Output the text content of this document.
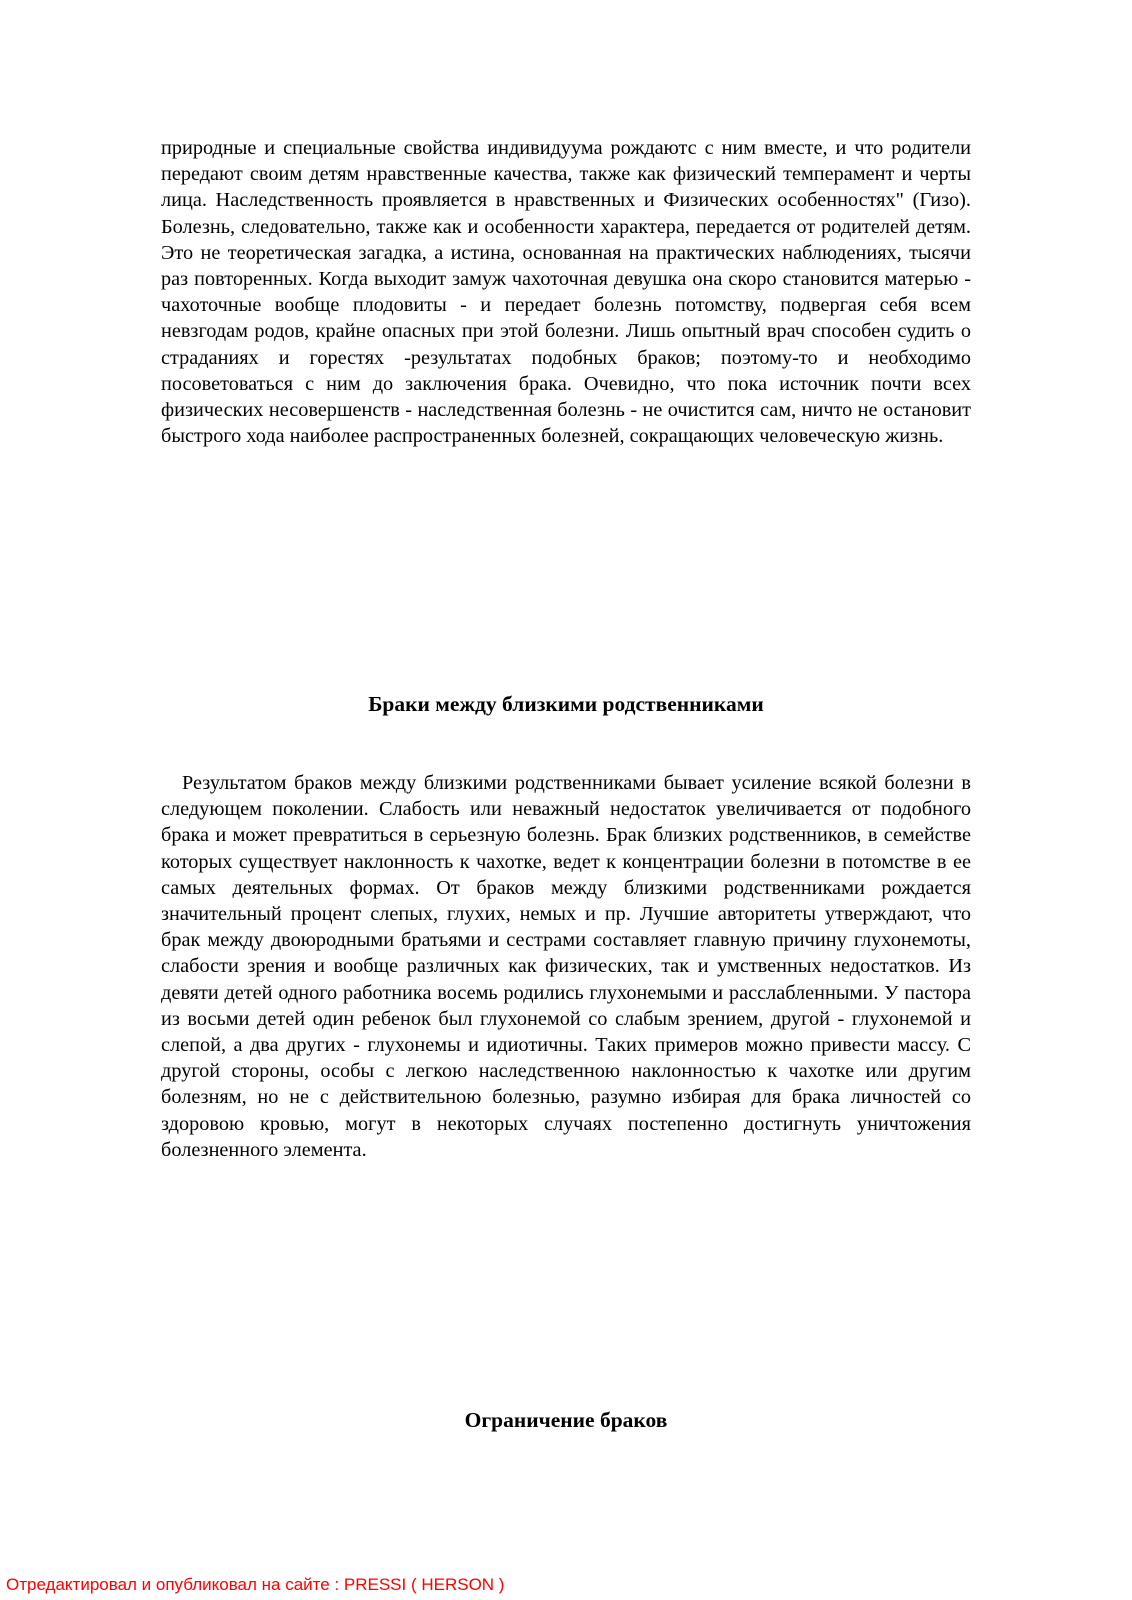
природные и специальные свойства индивидуума рождаютс с ним вместе, и что родители передают своим детям нравственные качества, также как физический темперамент и черты лица. Наследственность проявляется в нравственных и Физических особенностях" (Гизо). Болезнь, следовательно, также как и особенности характера, передается от родителей детям. Это не теоретическая загадка, а истина, основанная на практических наблюдениях, тысячи раз повторенных. Когда выходит замуж чахоточная девушка она скоро становится матерью - чахоточные вообще плодовиты - и передает болезнь потомству, подвергая себя всем невзгодам родов, крайне опасных при этой болезни. Лишь опытный врач способен судить о страданиях и горестях -результатах подобных браков; поэтому-то и необходимо посоветоваться с ним до заключения брака. Очевидно, что пока источник почти всех физических несовершенств - наследственная болезнь - не очистится сам, ничто не остановит быстрого хода наиболее распространенных болезней, сокращающих человеческую жизнь.

Браки между близкими родственниками

Результатом браков между близкими родственниками бывает усиление всякой болезни в следующем поколении. Слабость или неважный недостаток увеличивается от подобного брака и может превратиться в серьезную болезнь. Брак близких родственников, в семействе которых существует наклонность к чахотке, ведет к концентрации болезни в потомстве в ее самых деятельных формах. От браков между близкими родственниками рождается значительный процент слепых, глухих, немых и пр. Лучшие авторитеты утверждают, что брак между двоюродными братьями и сестрами составляет главную причину глухонемоты, слабости зрения и вообще различных как физических, так и умственных недостатков. Из девяти детей одного работника восемь родились глухонемыми и расслабленными. У пастора из восьми детей один ребенок был глухонемой со слабым зрением, другой - глухонемой и слепой, а два других - глухонемы и идиотичны. Таких примеров можно привести массу. С другой стороны, особы с легкою наследственною наклонностью к чахотке или другим болезням, но не с действительною болезнью, разумно избирая для брака личностей со здоровою кровью, могут в некоторых случаях постепенно достигнуть уничтожения болезненного элемента.

Ограничение браков
Отредактировал и опубликовал на сайте : PRESSI ( HERSON )
